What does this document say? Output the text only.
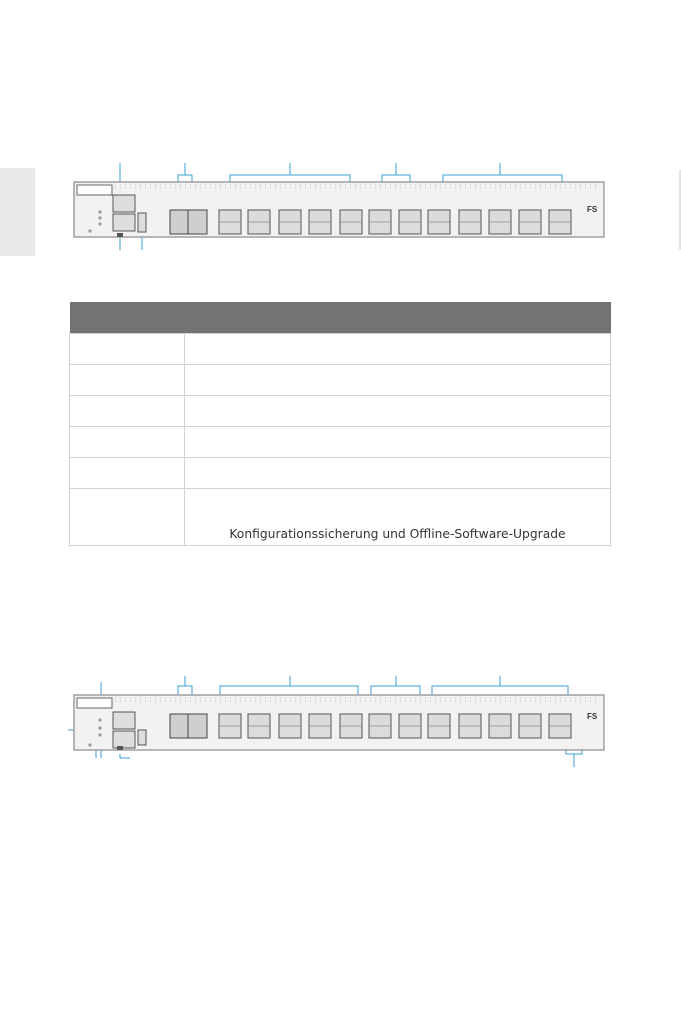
FS

	Konfigurationssicherung und Offline-Software-Upgrade
FS
